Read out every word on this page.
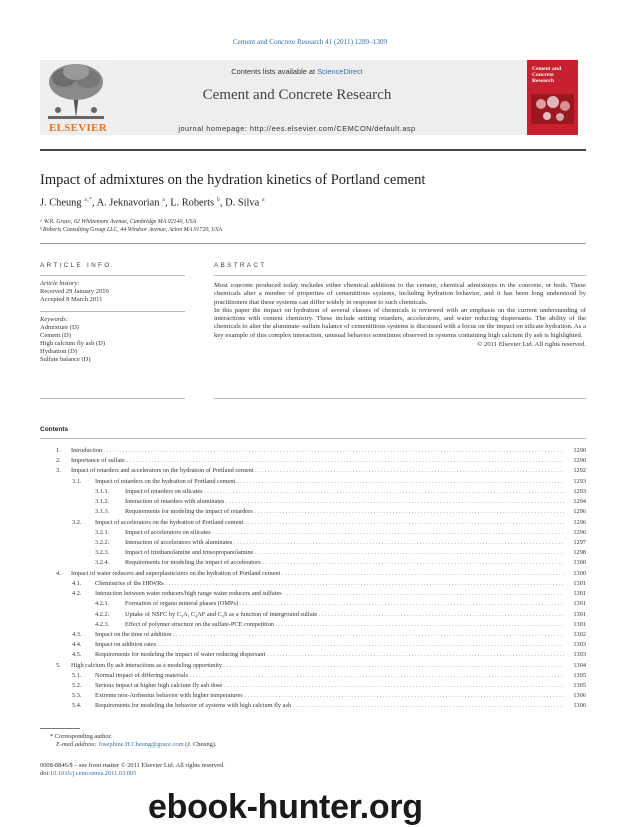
Cement and Concrete Research 41 (2011) 1289–1309
ELSEVIER
Contents lists available at ScienceDirect
Cement and Concrete Research
journal homepage: http://ees.elsevier.com/CEMCON/default.asp
Cement and Concrete Research
Impact of admixtures on the hydration kinetics of Portland cement
J. Cheung $^{a,*}$, A. Jeknavorian $^a$, L. Roberts $^b$, D. Silva $^a$
ᵃ W.R. Grace, 62 Whittemore Avenue, Cambridge MA 02140, USA
ᵇ Roberts Consulting Group LLC, 44 Windsor Avenue, Acton MA 01720, USA
ARTICLE INFO
Article history:
Received 29 January 2010
Accepted 8 March 2011
Keywords:
Admixture (D)
Cement (D)
High calcium fly ash (D)
Hydration (D)
Sulfate balance (D)
ABSTRACT

Most concrete produced today includes either chemical additions to the cement, chemical admixtures in the concrete, or both. These chemicals alter a number of properties of cementitious systems, including hydration behavior, and it has been long understood by practitioners that these systems can differ widely in response to such chemicals.

In this paper the impact on hydration of several classes of chemicals is reviewed with an emphasis on the current understanding of interactions with cement chemistry. These include setting retarders, accelerators, and water reducing dispersants. The ability of the chemicals to alter the aluminate–sulfate balance of cementitious systems is discussed with a focus on the impact on silicate hydration. As a key example of this complex interaction, unusual behavior sometimes observed in systems containing high calcium fly ash is highlighted.

© 2011 Elsevier Ltd. All rights reserved.
Contents
1. Introduction . . .	1290
2. Importance of sulfate . . .	1290
3. Impact of retarders and accelerators on the hydration of Portland cement . . .	1292
3.1. Impact of retarders on the hydration of Portland cement . . .	1293
3.1.1.	Impact of retarders on silicates . . .	1293
3.1.2.	Interaction of retarders with aluminates . . .	1294
3.1.3.	Requirements for modeling the impact of retarders . . .	1296
3.2. Impact of accelerators on the hydration of Portland cement . . .	1296
3.2.1.	Impact of accelerators on silicates . . .	1296
3.2.2.	Interaction of accelerators with aluminates . . .	1297
3.2.3.	Impact of triethanolamine and triisopropanolamine . . .	1298
3.2.4.	Requirements for modeling the impact of accelerators . . .	1300
4. Impact of water reducers and superplasticizers on the hydration of Portland cement . . .	1300
4.1. Chemistries of the HRWRs . . .	1301
4.2. Interaction between water reducers/high range water reducers and sulfates . . .	1301
4.2.1.	Formation of organo mineral phases (OMPs) . . .	1301
4.2.2.	Uptake of NSFC by C₃A, C₄AF and C₃S as a function of interground sulfate . . .	1301
4.2.3.	Effect of polymer structure on the sulfate-PCE competition . . .	1301
4.3. Impact on the time of addition . . .	1302
4.4. Impact on addition rates . . .	1303
4.5. Requirements for modeling the impact of water reducing dispersant . . .	1303
5. High calcium fly ash interactions as a modeling opportunity . . .	1304
5.1. Normal impact of differing materials . . .	1305
5.2. Serious impact at higher high calcium fly ash dose . . .	1305
5.3. Extreme non-Arrhenius behavior with higher temperatures . . .	1306
5.4. Requirements for modeling the behavior of systems with high calcium fly ash . . .	1306
* Corresponding author.
E-mail address: Josephine.H.Cheung@grace.com (J. Cheung).
0008-8846/$ – see front matter © 2011 Elsevier Ltd. All rights reserved.
doi:10.1016/j.cemconres.2011.03.005
ebook-hunter.org
